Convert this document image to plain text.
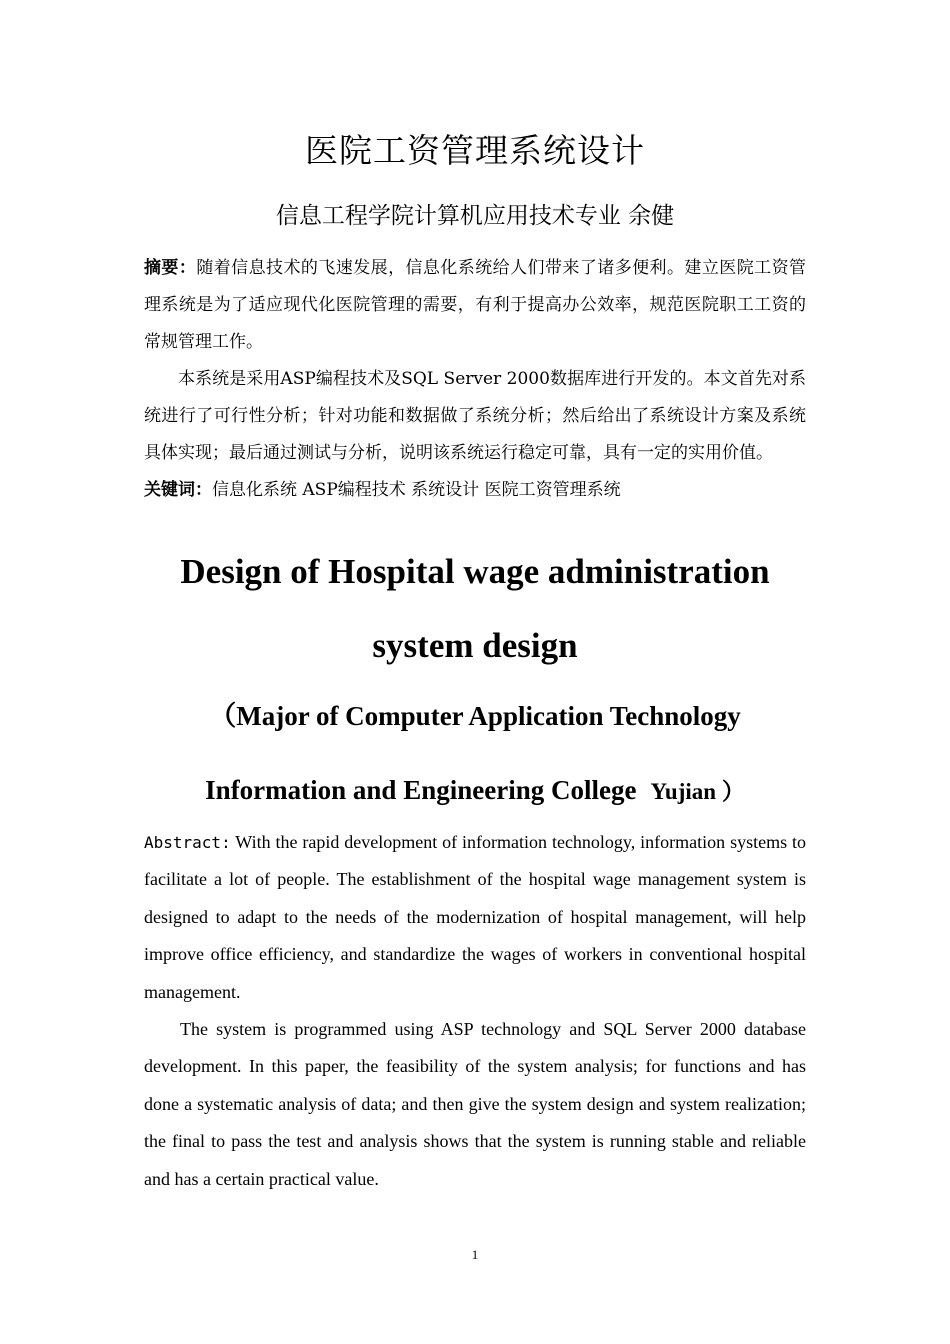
医院工资管理系统设计
信息工程学院计算机应用技术专业 余健

摘要：随着信息技术的飞速发展，信息化系统给人们带来了诸多便利。建立医院工资管理系统是为了适应现代化医院管理的需要，有利于提高办公效率，规范医院职工工资的常规管理工作。

本系统是采用ASP编程技术及SQL Server 2000数据库进行开发的。本文首先对系统进行了可行性分析；针对功能和数据做了系统分析；然后给出了系统设计方案及系统具体实现；最后通过测试与分析，说明该系统运行稳定可靠，具有一定的实用价值。

关键词：信息化系统 ASP编程技术 系统设计 医院工资管理系统

Design of Hospital wage administration
system design
（Major of Computer Application Technology
Information and Engineering College Yujian ）

Abstract: With the rapid development of information technology, information systems to facilitate a lot of people. The establishment of the hospital wage management system is designed to adapt to the needs of the modernization of hospital management, will help improve office efficiency, and standardize the wages of workers in conventional hospital management.

The system is programmed using ASP technology and SQL Server 2000 database development. In this paper, the feasibility of the system analysis; for functions and has done a systematic analysis of data; and then give the system design and system realization; the final to pass the test and analysis shows that the system is running stable and reliable and has a certain practical value.

1
